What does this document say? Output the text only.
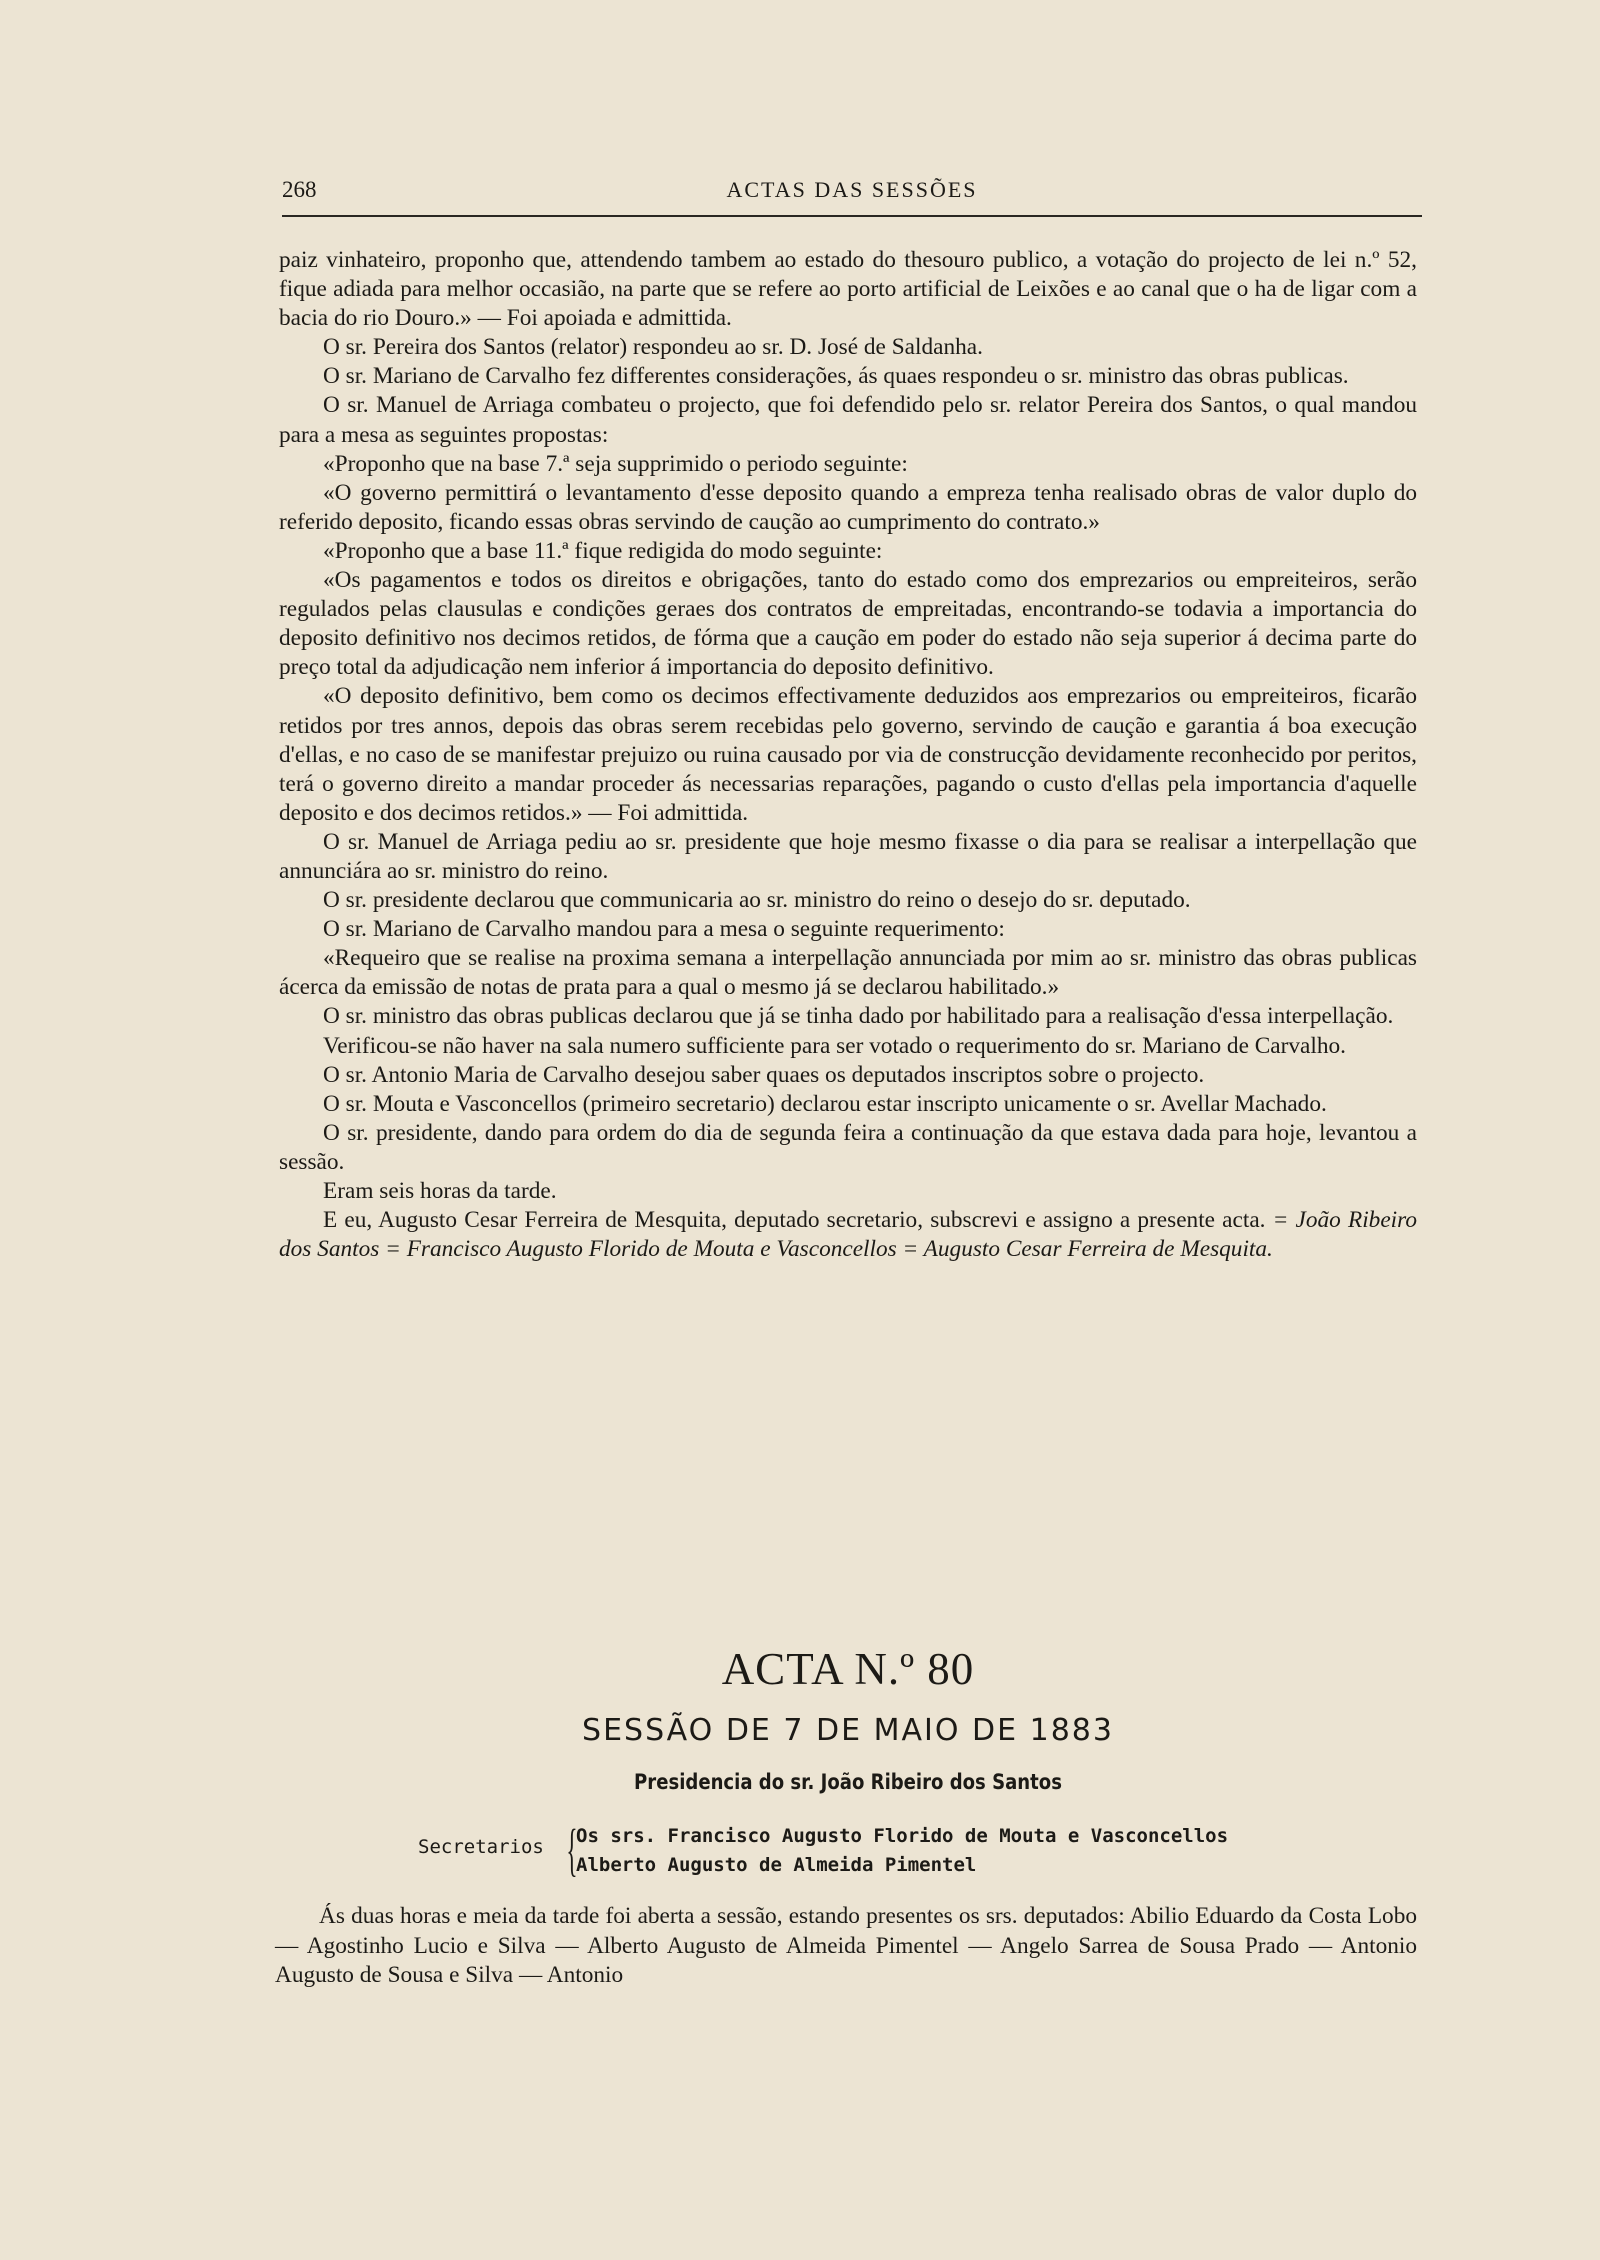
268	ACTAS DAS SESSÕES

paiz vinhateiro, proponho que, attendendo tambem ao estado do thesouro publico, a votação do projecto de lei n.º 52, fique adiada para melhor occasião, na parte que se refere ao porto artificial de Leixões e ao canal que o ha de ligar com a bacia do rio Douro.» — Foi apoiada e admittida.

O sr. Pereira dos Santos (relator) respondeu ao sr. D. José de Saldanha.

O sr. Mariano de Carvalho fez differentes considerações, ás quaes respondeu o sr. ministro das obras publicas.

O sr. Manuel de Arriaga combateu o projecto, que foi defendido pelo sr. relator Pereira dos Santos, o qual mandou para a mesa as seguintes propostas:

«Proponho que na base 7.ª seja supprimido o periodo seguinte:

«O governo permittirá o levantamento d'esse deposito quando a empreza tenha realisado obras de valor duplo do referido deposito, ficando essas obras servindo de caução ao cumprimento do contrato.»

«Proponho que a base 11.ª fique redigida do modo seguinte:

«Os pagamentos e todos os direitos e obrigações, tanto do estado como dos emprezarios ou empreiteiros, serão regulados pelas clausulas e condições geraes dos contratos de empreitadas, encontrando-se todavia a importancia do deposito definitivo nos decimos retidos, de fórma que a caução em poder do estado não seja superior á decima parte do preço total da adjudicação nem inferior á importancia do deposito definitivo.

«O deposito definitivo, bem como os decimos effectivamente deduzidos aos emprezarios ou empreiteiros, ficarão retidos por tres annos, depois das obras serem recebidas pelo governo, servindo de caução e garantia á boa execução d'ellas, e no caso de se manifestar prejuizo ou ruina causado por via de construcção devidamente reconhecido por peritos, terá o governo direito a mandar proceder ás necessarias reparações, pagando o custo d'ellas pela importancia d'aquelle deposito e dos decimos retidos.» — Foi admittida.

O sr. Manuel de Arriaga pediu ao sr. presidente que hoje mesmo fixasse o dia para se realisar a interpellação que annunciára ao sr. ministro do reino.

O sr. presidente declarou que communicaria ao sr. ministro do reino o desejo do sr. deputado.

O sr. Mariano de Carvalho mandou para a mesa o seguinte requerimento:

«Requeiro que se realise na proxima semana a interpellação annunciada por mim ao sr. ministro das obras publicas ácerca da emissão de notas de prata para a qual o mesmo já se declarou habilitado.»

O sr. ministro das obras publicas declarou que já se tinha dado por habilitado para a realisação d'essa interpellação.

Verificou-se não haver na sala numero sufficiente para ser votado o requerimento do sr. Mariano de Carvalho.

O sr. Antonio Maria de Carvalho desejou saber quaes os deputados inscriptos sobre o projecto.

O sr. Mouta e Vasconcellos (primeiro secretario) declarou estar inscripto unicamente o sr. Avellar Machado.

O sr. presidente, dando para ordem do dia de segunda feira a continuação da que estava dada para hoje, levantou a sessão.

Eram seis horas da tarde.

E eu, Augusto Cesar Ferreira de Mesquita, deputado secretario, subscrevi e assigno a presente acta. = João Ribeiro dos Santos = Francisco Augusto Florido de Mouta e Vasconcellos = Augusto Cesar Ferreira de Mesquita.

ACTA N.º 80
SESSÃO DE 7 DE MAIO DE 1883
Presidencia do sr. João Ribeiro dos Santos
Secretarios {
Os srs. Francisco Augusto Florido de Mouta e Vasconcellos
Alberto Augusto de Almeida Pimentel

Ás duas horas e meia da tarde foi aberta a sessão, estando presentes os srs. deputados: Abilio Eduardo da Costa Lobo — Agostinho Lucio e Silva — Alberto Augusto de Almeida Pimentel — Angelo Sarrea de Sousa Prado — Antonio Augusto de Sousa e Silva — Antonio
